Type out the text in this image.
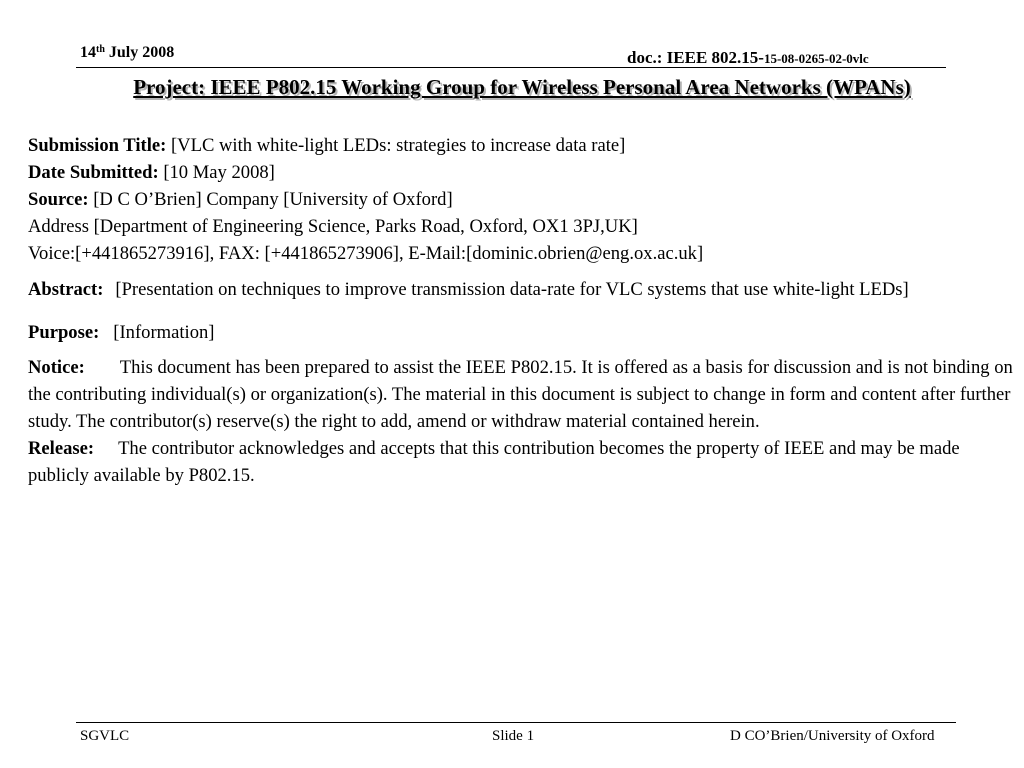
14th July 2008	doc.: IEEE 802.15-15-08-0265-02-0vlc
Project: IEEE P802.15 Working Group for Wireless Personal Area Networks (WPANs)

Submission Title: [VLC with white-light LEDs: strategies to increase data rate]

Date Submitted: [10 May 2008]

Source: [D C O’Brien] Company [University of Oxford]

Address [Department of Engineering Science, Parks Road, Oxford, OX1 3PJ,UK]

Voice:[+441865273916], FAX: [+441865273906], E-Mail:[dominic.obrien@eng.ox.ac.uk]

Abstract: [Presentation on techniques to improve transmission data-rate for VLC systems that use white-light LEDs]

Purpose: [Information]

Notice: This document has been prepared to assist the IEEE P802.15. It is offered as a basis for discussion and is not binding on the contributing individual(s) or organization(s). The material in this document is subject to change in form and content after further study. The contributor(s) reserve(s) the right to add, amend or withdraw material contained herein.

Release: The contributor acknowledges and accepts that this contribution becomes the property of IEEE and may be made publicly available by P802.15.

SGVLC	Slide 1	D CO’Brien/University of Oxford
